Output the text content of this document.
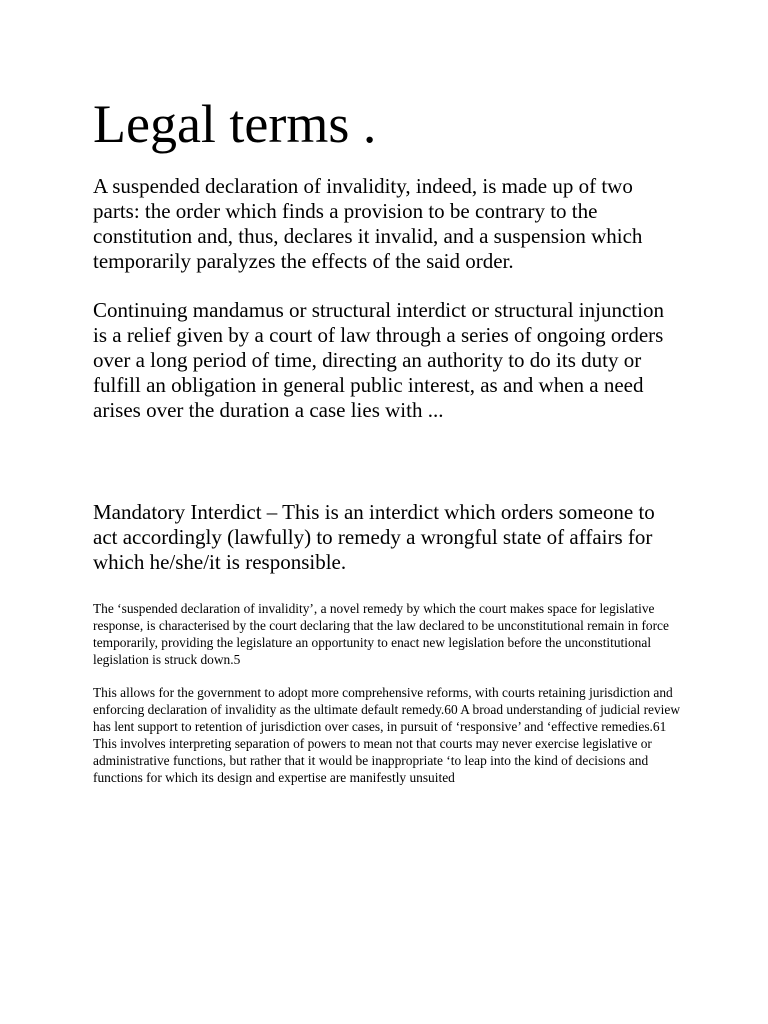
Legal terms .

A suspended declaration of invalidity, indeed, is made up of two parts: the order which finds a provision to be contrary to the constitution and, thus, declares it invalid, and a suspension which temporarily paralyzes the effects of the said order.

Continuing mandamus or structural interdict or structural injunction is a relief given by a court of law through a series of ongoing orders over a long period of time, directing an authority to do its duty or fulfill an obligation in general public interest, as and when a need arises over the duration a case lies with ...

Mandatory Interdict – This is an interdict which orders someone to act accordingly (lawfully) to remedy a wrongful state of affairs for which he/she/it is responsible.

The ‘suspended declaration of invalidity’, a novel remedy by which the court makes space for legislative response, is characterised by the court declaring that the law declared to be unconstitutional remain in force temporarily, providing the legislature an opportunity to enact new legislation before the unconstitutional legislation is struck down.5

This allows for the government to adopt more comprehensive reforms, with courts retaining jurisdiction and enforcing declaration of invalidity as the ultimate default remedy.60 A broad understanding of judicial review has lent support to retention of jurisdiction over cases, in pursuit of ‘responsive’ and ‘effective remedies.61 This involves interpreting separation of powers to mean not that courts may never exercise legislative or administrative functions, but rather that it would be inappropriate ‘to leap into the kind of decisions and functions for which its design and expertise are manifestly unsuited
